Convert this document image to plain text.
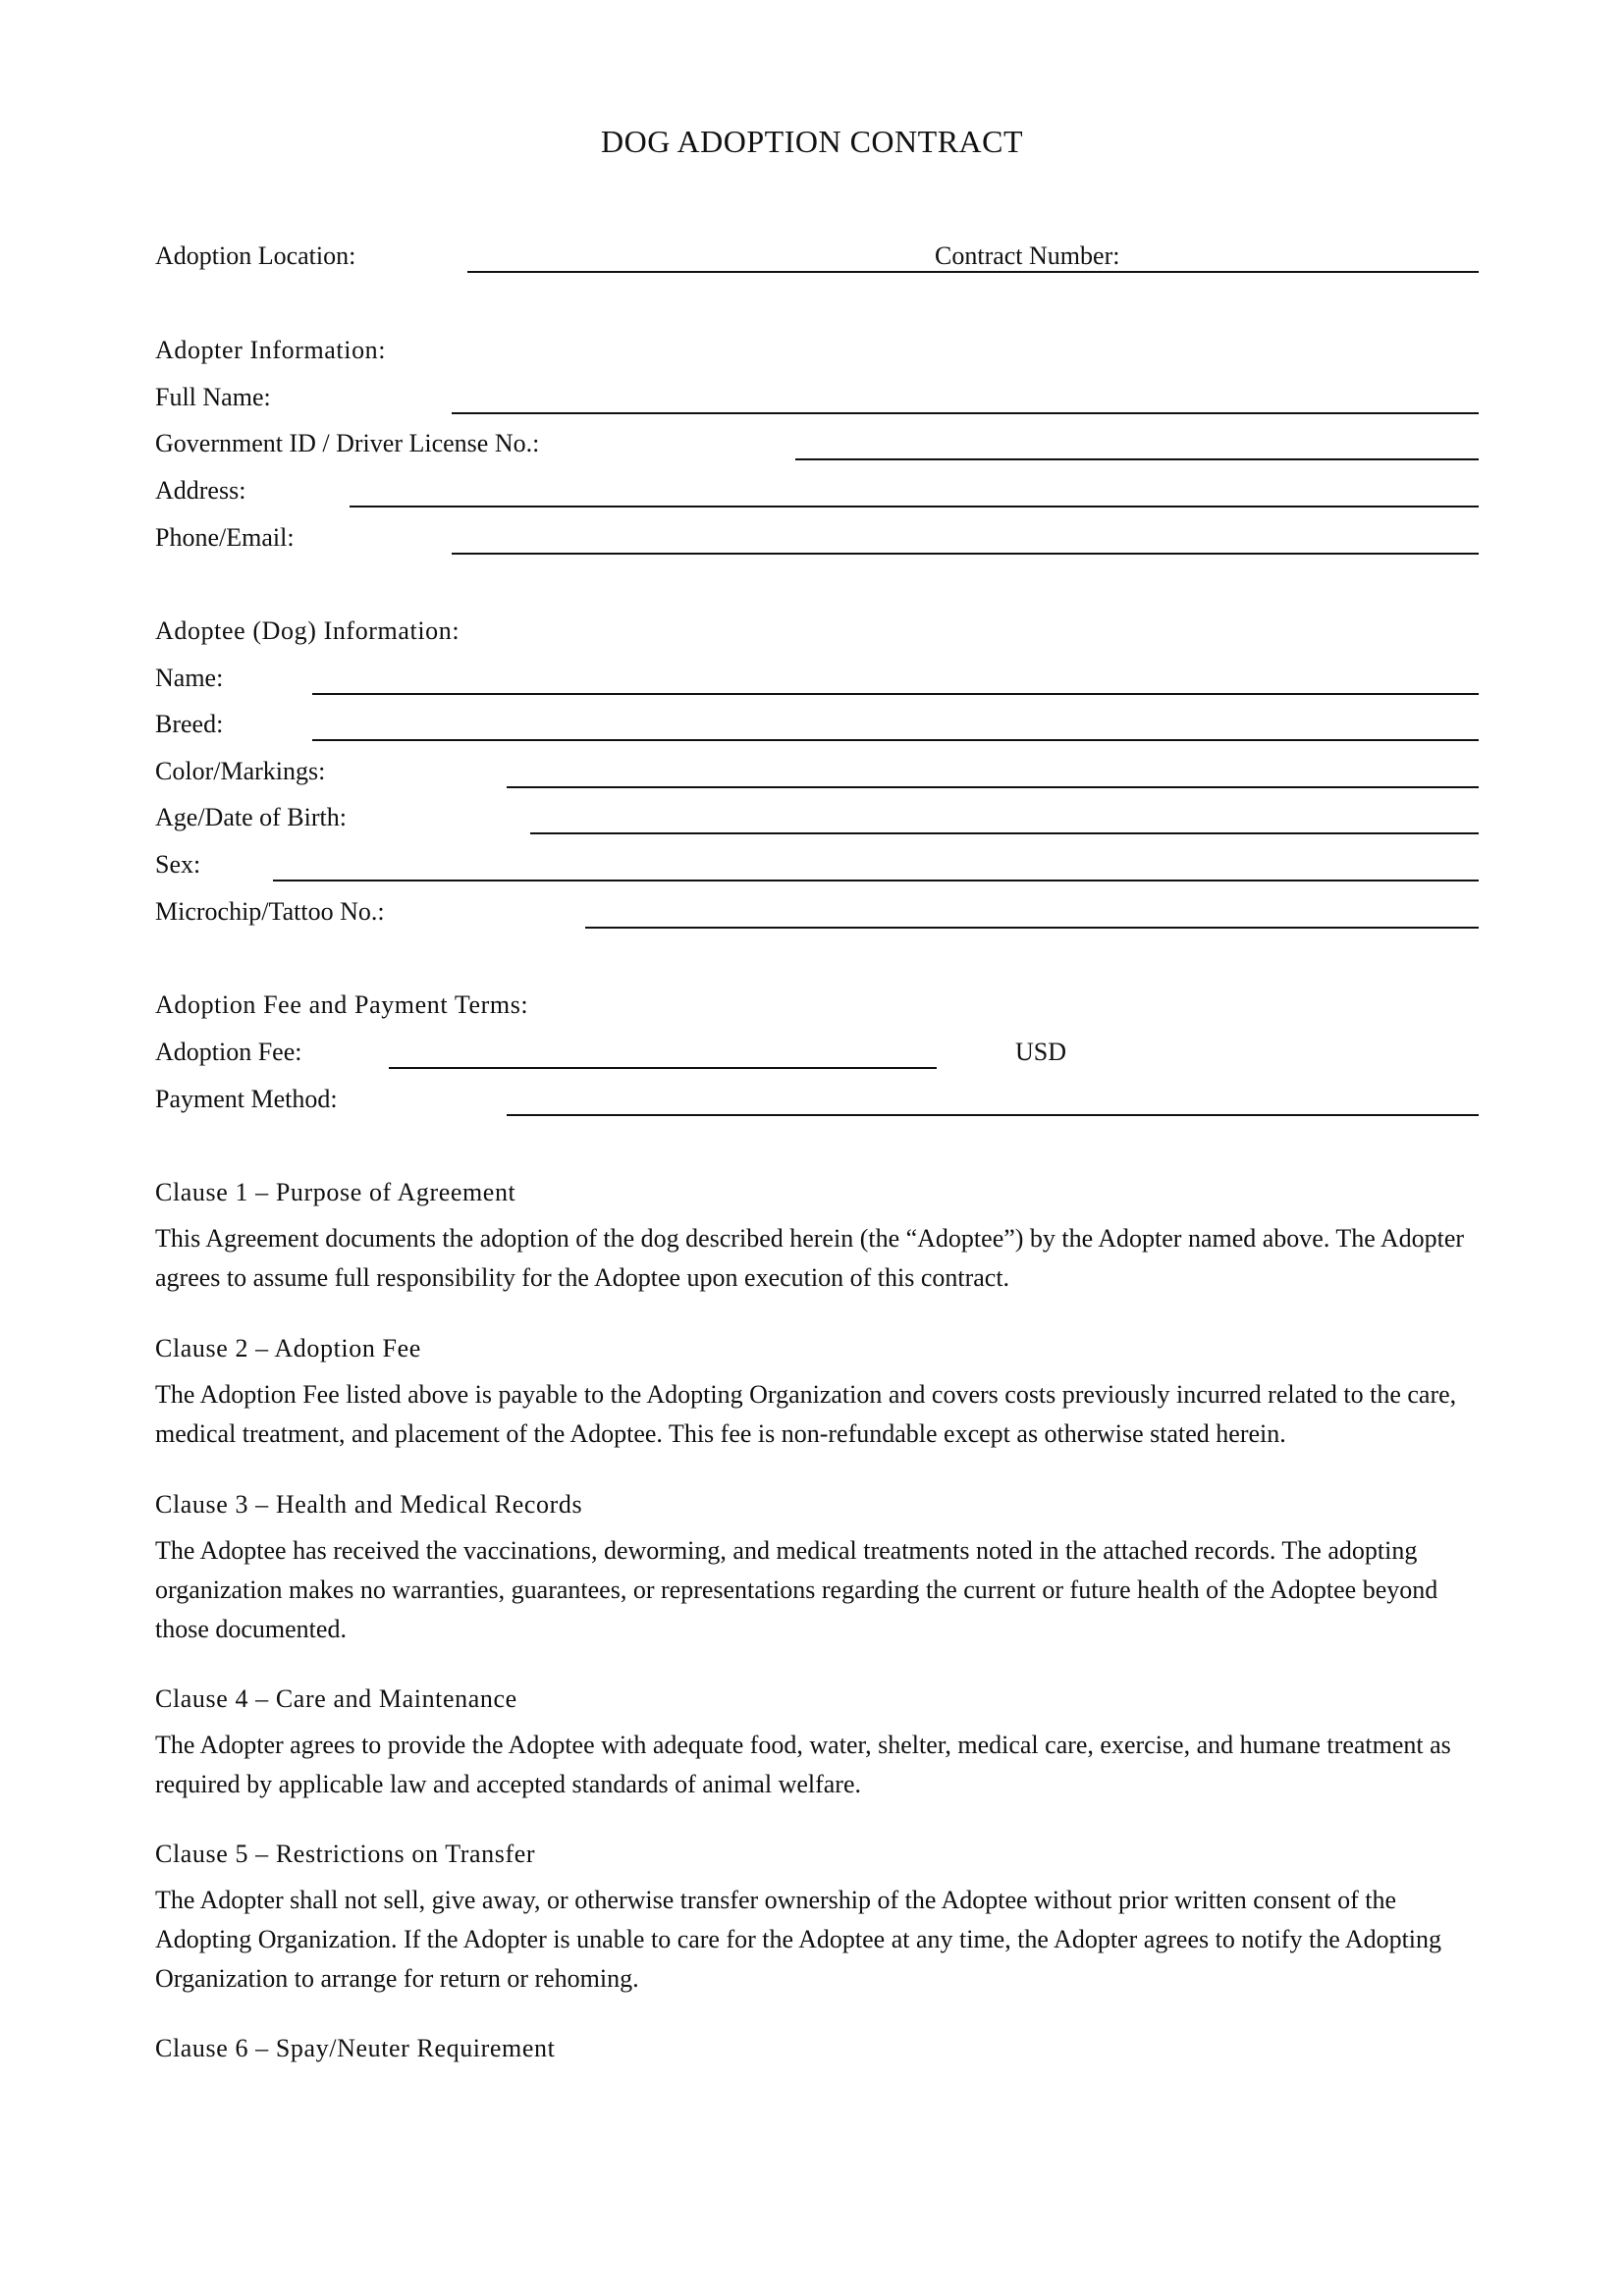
DOG ADOPTION CONTRACT
Adoption Location:	Contract Number:
Adopter Information:
Full Name:
Government ID / Driver License No.:
Address:
Phone/Email:
Adoptee (Dog) Information:
Name:
Breed:
Color/Markings:
Age/Date of Birth:
Sex:
Microchip/Tattoo No.:
Adoption Fee and Payment Terms:
Adoption Fee:	USD
Payment Method:
Clause 1 – Purpose of Agreement
This Agreement documents the adoption of the dog described herein (the “Adoptee”) by the Adopter named above. The Adopter agrees to assume full responsibility for the Adoptee upon execution of this contract.
Clause 2 – Adoption Fee
The Adoption Fee listed above is payable to the Adopting Organization and covers costs previously incurred related to the care, medical treatment, and placement of the Adoptee. This fee is non-refundable except as otherwise stated herein.
Clause 3 – Health and Medical Records
The Adoptee has received the vaccinations, deworming, and medical treatments noted in the attached records. The adopting organization makes no warranties, guarantees, or representations regarding the current or future health of the Adoptee beyond those documented.
Clause 4 – Care and Maintenance
The Adopter agrees to provide the Adoptee with adequate food, water, shelter, medical care, exercise, and humane treatment as required by applicable law and accepted standards of animal welfare.
Clause 5 – Restrictions on Transfer
The Adopter shall not sell, give away, or otherwise transfer ownership of the Adoptee without prior written consent of the Adopting Organization. If the Adopter is unable to care for the Adoptee at any time, the Adopter agrees to notify the Adopting Organization to arrange for return or rehoming.
Clause 6 – Spay/Neuter Requirement
